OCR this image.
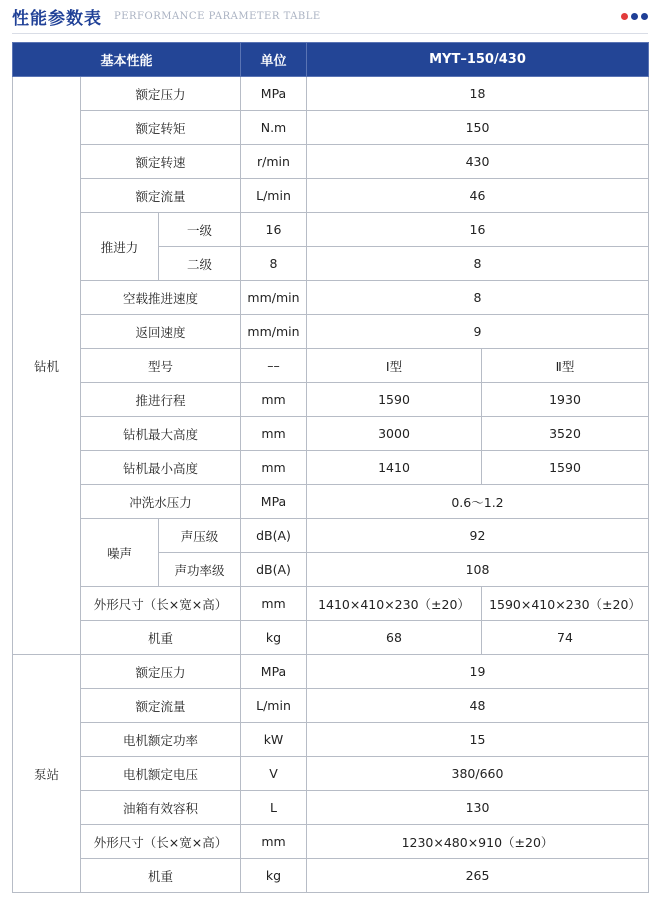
性能参数表 PERFORMANCE PARAMETER TABLE
基本性能			单位	MYT–150/430	
钻机	额定压力		MPa	18	
	额定转矩		N.m	150	
	额定转速		r/min	430	
	额定流量		L/min	46	
	推进力	一级	16	16	
		二级	8	8	
	空载推进速度		mm/min	8	
	返回速度		mm/min	9	
	型号		––	Ⅰ型	Ⅱ型
	推进行程		mm	1590	1930
	钻机最大高度		mm	3000	3520
	钻机最小高度		mm	1410	1590
	冲洗水压力		MPa	0.6～1.2	
	噪声	声压级	dB(A)	92	
		声功率级	dB(A)	108	
	外形尺寸（长×宽×高）		mm	1410×410×230（±20）	1590×410×230（±20）
	机重		kg	68	74
泵站	额定压力		MPa	19	
	额定流量		L/min	48	
	电机额定功率		kW	15	
	电机额定电压		V	380/660	
	油箱有效容积		L	130	
	外形尺寸（长×宽×高）		mm	1230×480×910（±20）	
	机重		kg	265	
